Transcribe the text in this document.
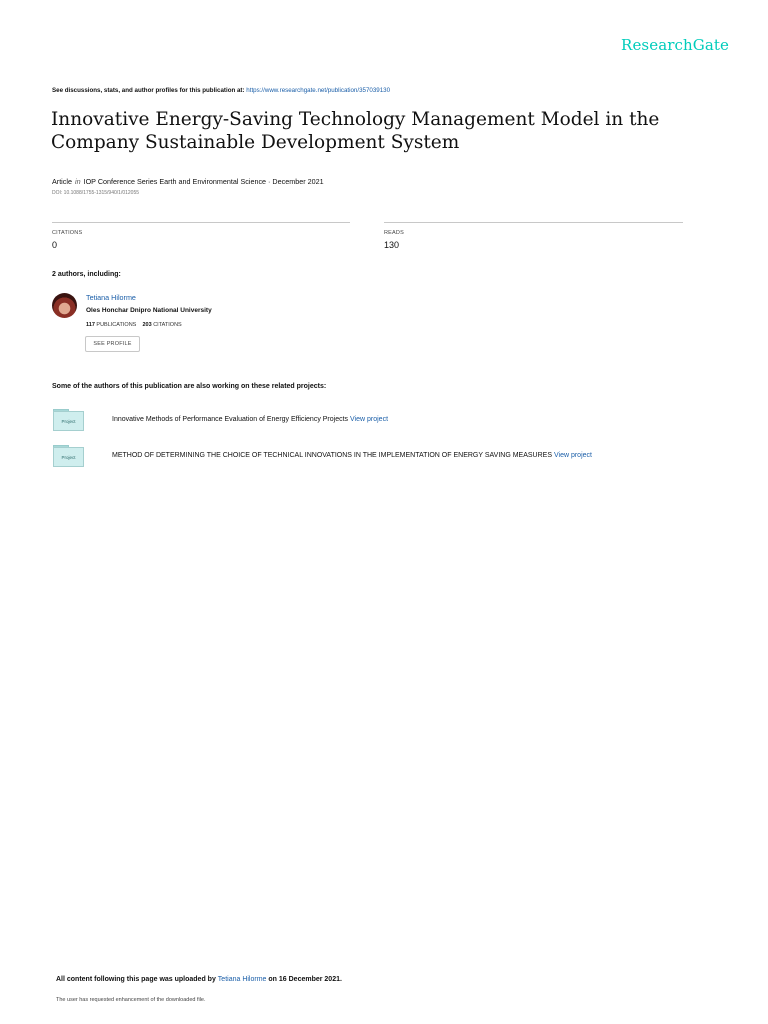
ResearchGate
See discussions, stats, and author profiles for this publication at: https://www.researchgate.net/publication/357039130
Innovative Energy-Saving Technology Management Model in the Company Sustainable Development System
Article in IOP Conference Series Earth and Environmental Science · December 2021
DOI: 10.1088/1755-1315/940/1/012055
CITATIONS
0
READS
130
2 authors, including:
Tetiana Hilorme
Oles Honchar Dnipro National University
117 PUBLICATIONS 203 CITATIONS
SEE PROFILE
Some of the authors of this publication are also working on these related projects:
Project	Innovative Methods of Performance Evaluation of Energy Efficiency Projects View project
Project	METHOD OF DETERMINING THE CHOICE OF TECHNICAL INNOVATIONS IN THE IMPLEMENTATION OF ENERGY SAVING MEASURES View project
All content following this page was uploaded by Tetiana Hilorme on 16 December 2021.
The user has requested enhancement of the downloaded file.
